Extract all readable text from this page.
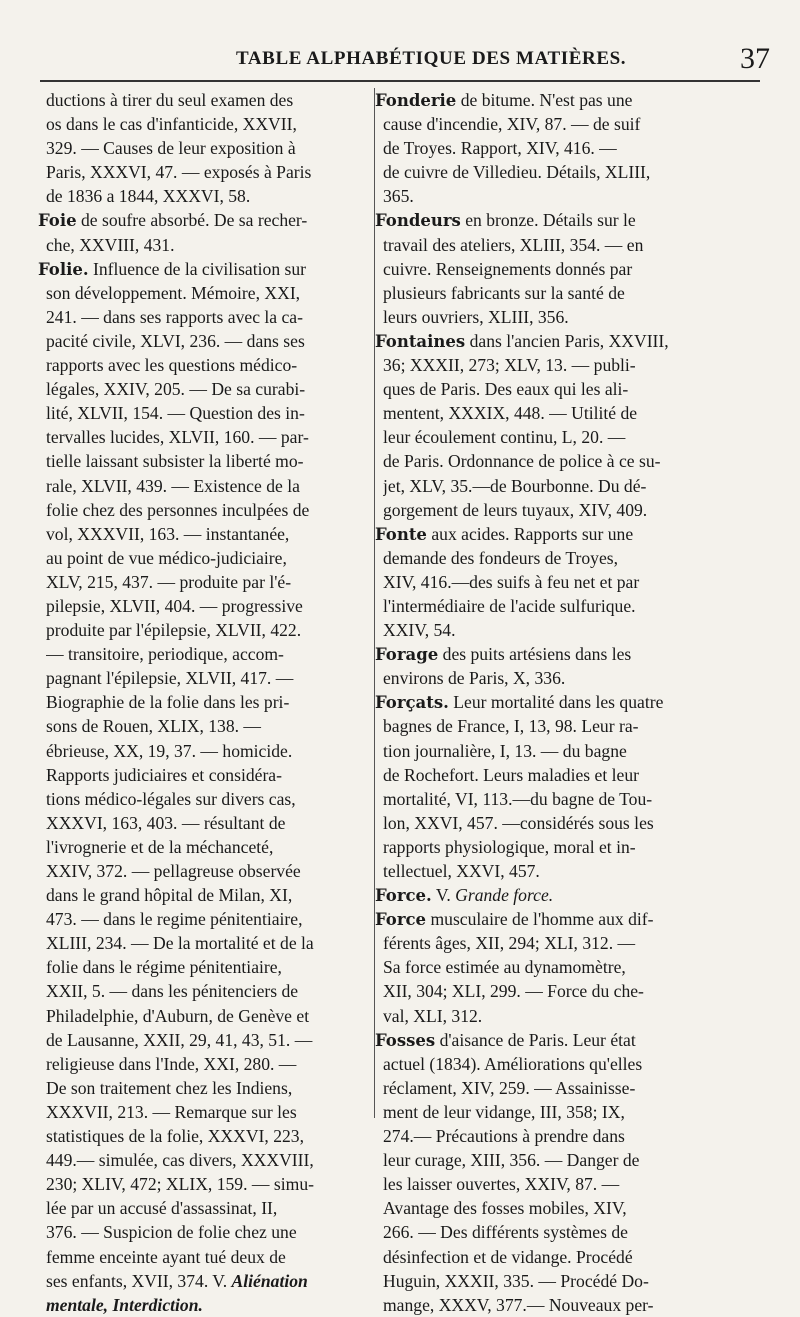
TABLE ALPHABÉTIQUE DES MATIÈRES.	37
ductions à tirer du seul examen des
os dans le cas d'infanticide, XXVII,
329. — Causes de leur exposition à
Paris, XXXVI, 47. — exposés à Paris
de 1836 a 1844, XXXVI, 58.
Foie de soufre absorbé. De sa recher-
che, XXVIII, 431.
Folie. Influence de la civilisation sur
son développement. Mémoire, XXI,
241. — dans ses rapports avec la ca-
pacité civile, XLVI, 236. — dans ses
rapports avec les questions médico-
légales, XXIV, 205. — De sa curabi-
lité, XLVII, 154. — Question des in-
tervalles lucides, XLVII, 160. — par-
tielle laissant subsister la liberté mo-
rale, XLVII, 439. — Existence de la
folie chez des personnes inculpées de
vol, XXXVII, 163. — instantanée,
au point de vue médico-judiciaire,
XLV, 215, 437. — produite par l'é-
pilepsie, XLVII, 404. — progressive
produite par l'épilepsie, XLVII, 422.
— transitoire, periodique, accom-
pagnant l'épilepsie, XLVII, 417. —
Biographie de la folie dans les pri-
sons de Rouen, XLIX, 138. —
ébrieuse, XX, 19, 37. — homicide.
Rapports judiciaires et considéra-
tions médico-légales sur divers cas,
XXXVI, 163, 403. — résultant de
l'ivrognerie et de la méchanceté,
XXIV, 372. — pellagreuse observée
dans le grand hôpital de Milan, XI,
473. — dans le regime pénitentiaire,
XLIII, 234. — De la mortalité et de la
folie dans le régime pénitentiaire,
XXII, 5. — dans les pénitenciers de
Philadelphie, d'Auburn, de Genève et
de Lausanne, XXII, 29, 41, 43, 51. —
religieuse dans l'Inde, XXI, 280. —
De son traitement chez les Indiens,
XXXVII, 213. — Remarque sur les
statistiques de la folie, XXXVI, 223,
449.— simulée, cas divers, XXXVIII,
230; XLIV, 472; XLIX, 159. — simu-
lée par un accusé d'assassinat, II,
376. — Suspicion de folie chez une
femme enceinte ayant tué deux de
ses enfants, XVII, 374. V. Aliénation
mentale, Interdiction.
Fonderie de bitume. N'est pas une
cause d'incendie, XIV, 87. — de suif
de Troyes. Rapport, XIV, 416. —
de cuivre de Villedieu. Détails, XLIII,
365.
Fondeurs en bronze. Détails sur le
travail des ateliers, XLIII, 354. — en
cuivre. Renseignements donnés par
plusieurs fabricants sur la santé de
leurs ouvriers, XLIII, 356.
Fontaines dans l'ancien Paris, XXVIII,
36; XXXII, 273; XLV, 13. — publi-
ques de Paris. Des eaux qui les ali-
mentent, XXXIX, 448. — Utilité de
leur écoulement continu, L, 20. —
de Paris. Ordonnance de police à ce su-
jet, XLV, 35.—de Bourbonne. Du dé-
gorgement de leurs tuyaux, XIV, 409.
Fonte aux acides. Rapports sur une
demande des fondeurs de Troyes,
XIV, 416.—des suifs à feu net et par
l'intermédiaire de l'acide sulfurique.
XXIV, 54.
Forage des puits artésiens dans les
environs de Paris, X, 336.
Forçats. Leur mortalité dans les quatre
bagnes de France, I, 13, 98. Leur ra-
tion journalière, I, 13. — du bagne
de Rochefort. Leurs maladies et leur
mortalité, VI, 113.—du bagne de Tou-
lon, XXVI, 457. —considérés sous les
rapports physiologique, moral et in-
tellectuel, XXVI, 457.
Force. V. Grande force.
Force musculaire de l'homme aux dif-
férents âges, XII, 294; XLI, 312. —
Sa force estimée au dynamomètre,
XII, 304; XLI, 299. — Force du che-
val, XLI, 312.
Fosses d'aisance de Paris. Leur état
actuel (1834). Améliorations qu'elles
réclament, XIV, 259. — Assainisse-
ment de leur vidange, III, 358; IX,
274.— Précautions à prendre dans
leur curage, XIII, 356. — Danger de
les laisser ouvertes, XXIV, 87. —
Avantage des fosses mobiles, XIV,
266. — Des différents systèmes de
désinfection et de vidange. Procédé
Huguin, XXXII, 335. — Procédé Do-
mange, XXXV, 377.— Nouveaux per-
